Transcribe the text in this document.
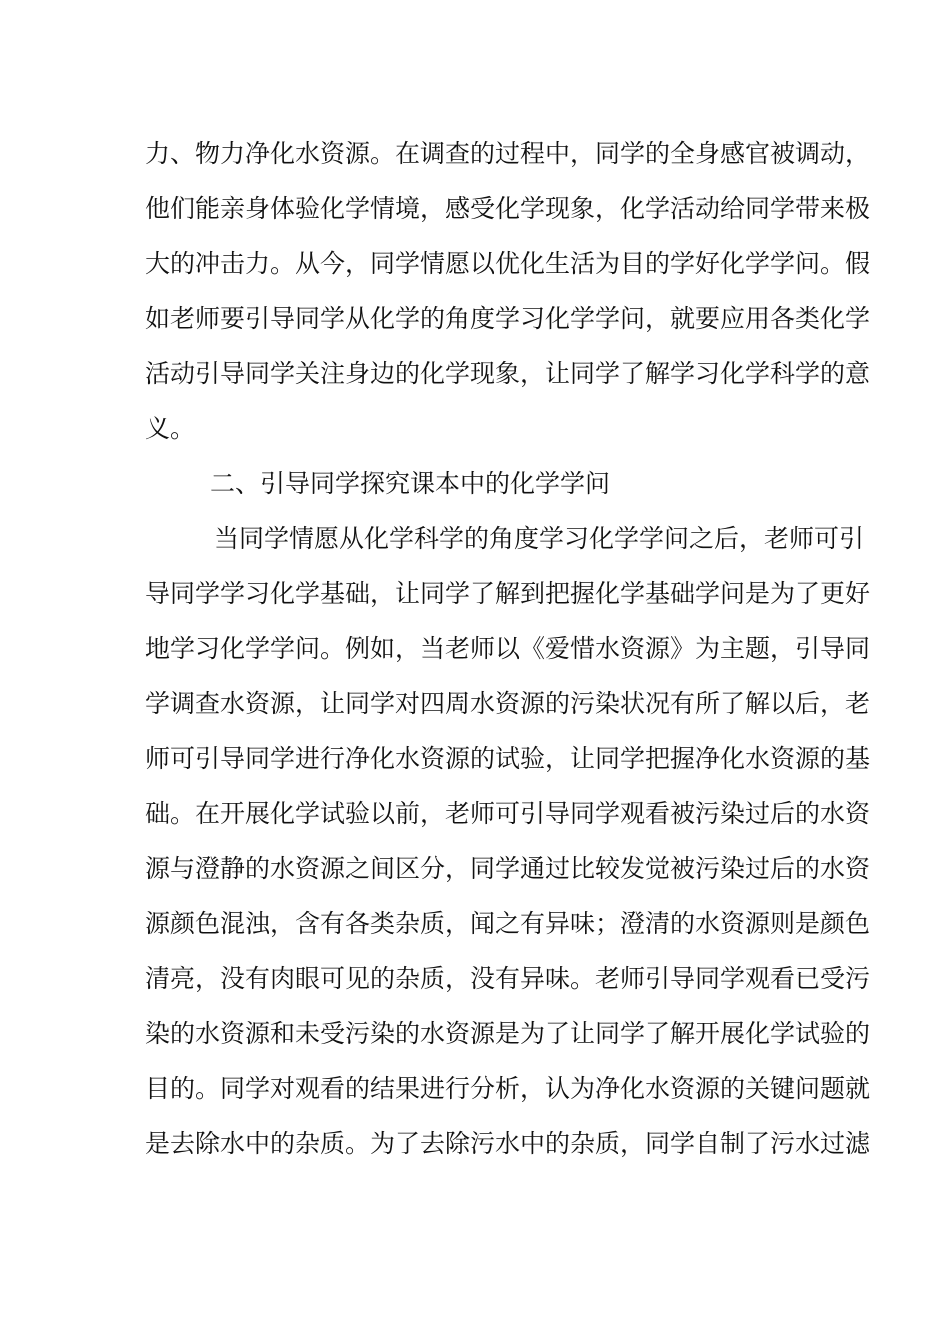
力、物力净化水资源。在调查的过程中，同学的全身感官被调动，
他们能亲身体验化学情境，感受化学现象，化学活动给同学带来极
大的冲击力。从今，同学情愿以优化生活为目的学好化学学问。假
如老师要引导同学从化学的角度学习化学学问，就要应用各类化学
活动引导同学关注身边的化学现象，让同学了解学习化学科学的意
义。
二、引导同学探究课本中的化学学问
当同学情愿从化学科学的角度学习化学学问之后，老师可引
导同学学习化学基础，让同学了解到把握化学基础学问是为了更好
地学习化学学问。例如，当老师以《爱惜水资源》为主题，引导同
学调查水资源，让同学对四周水资源的污染状况有所了解以后，老
师可引导同学进行净化水资源的试验，让同学把握净化水资源的基
础。在开展化学试验以前，老师可引导同学观看被污染过后的水资
源与澄静的水资源之间区分，同学通过比较发觉被污染过后的水资
源颜色混浊，含有各类杂质，闻之有异味；澄清的水资源则是颜色
清亮，没有肉眼可见的杂质，没有异味。老师引导同学观看已受污
染的水资源和未受污染的水资源是为了让同学了解开展化学试验的
目的。同学对观看的结果进行分析，认为净化水资源的关键问题就
是去除水中的杂质。为了去除污水中的杂质，同学自制了污水过滤
